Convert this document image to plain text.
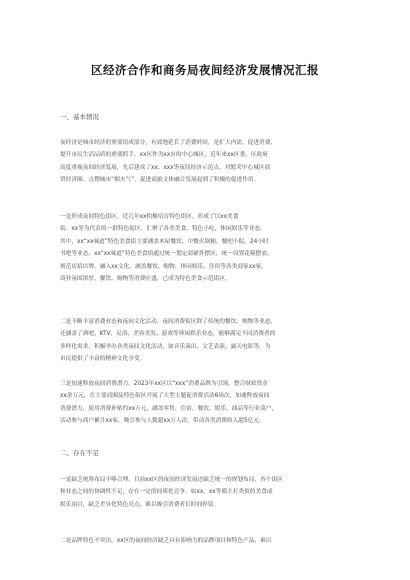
区经济合作和商务局夜间经济发展情况汇报
一、基本情况

夜经济是城市经济的重要组成部分，有效地延长了消费时间，是扩大内需、促进消费、

提升市民生活品质的重要抓手。xx区作为xx市的中心城区，近年来xx区委、区政府

高度重视夜间经济发展，先后建成了xx、xxx等夜间经济示范点，对繁荣中心城区商

贸经济圈、点燃城市“烟火气”，促进商旅文体融合发展起到了积极的促进作用。

一是形成夜间特色街区。近几年xx积极培育特色街区，形成了以xx美食

街、xx等为代表的一批特色街区，汇聚了各类美食、特色小吃，休闲娱乐等业态。

其中，xx“xx味道”特色美食街主要涵盖木屋餐饮、中餐火锅桶、餐吧小院、24小时

书吧等业态。xx“xx味道”特色美食街通过统一划定商铺外摆区，统一设置花箱摆放、

规范店招店牌，融入xx文化，涵盖餐饮、购物、休闲娱乐、住宿等各类商家xx家，

商业氛围浓厚，餐饮、购物等消费旺盛，已成为特色美食示范街区。

二是不断丰富消费业态和夜间文化活动。夜间消费街区除了传统的餐饮、购物等业态，

还涵盖了酒吧、KTV、足浴、美容美发、游戏等休闲娱乐业态，能够满足不同消费者的

多样化需求。积极举办各类夜间文化活动，如音乐演出、文艺表演、露天电影等，为

市民提供了丰富的精神文化享受。

三是加速释放夜间消费潜力。2023年xx区以“xxx”消费品牌为引领，整合财政资金

xx余万元，在主要商圈及特色街区开展了大型主题促消费活动6场次，加速释放夜间

消费潜力，使用消费补贴约xx万元，涵盖零售、住宿、餐饮、娱乐、油品等行业商户，

活动参与商户累计xx家，吸引参与人数超xx万人次，带动各类消费收入超5亿元。

二、存在不足

一是缺乏统筹布局不够合理。目前xx区的夜间经济发展还缺乏统一的规划布局，各个街区

和业态之间的协调性不足，存在一定的同质化竞争。如xx、xx等都主打类似的美食或

娱乐项目，缺乏差异化特色亮点，难以吸引消费者长时间停留。

二是品牌特色不突出。xx区的夜间经济缺乏具有影响力的品牌项目和特色产品，难以
